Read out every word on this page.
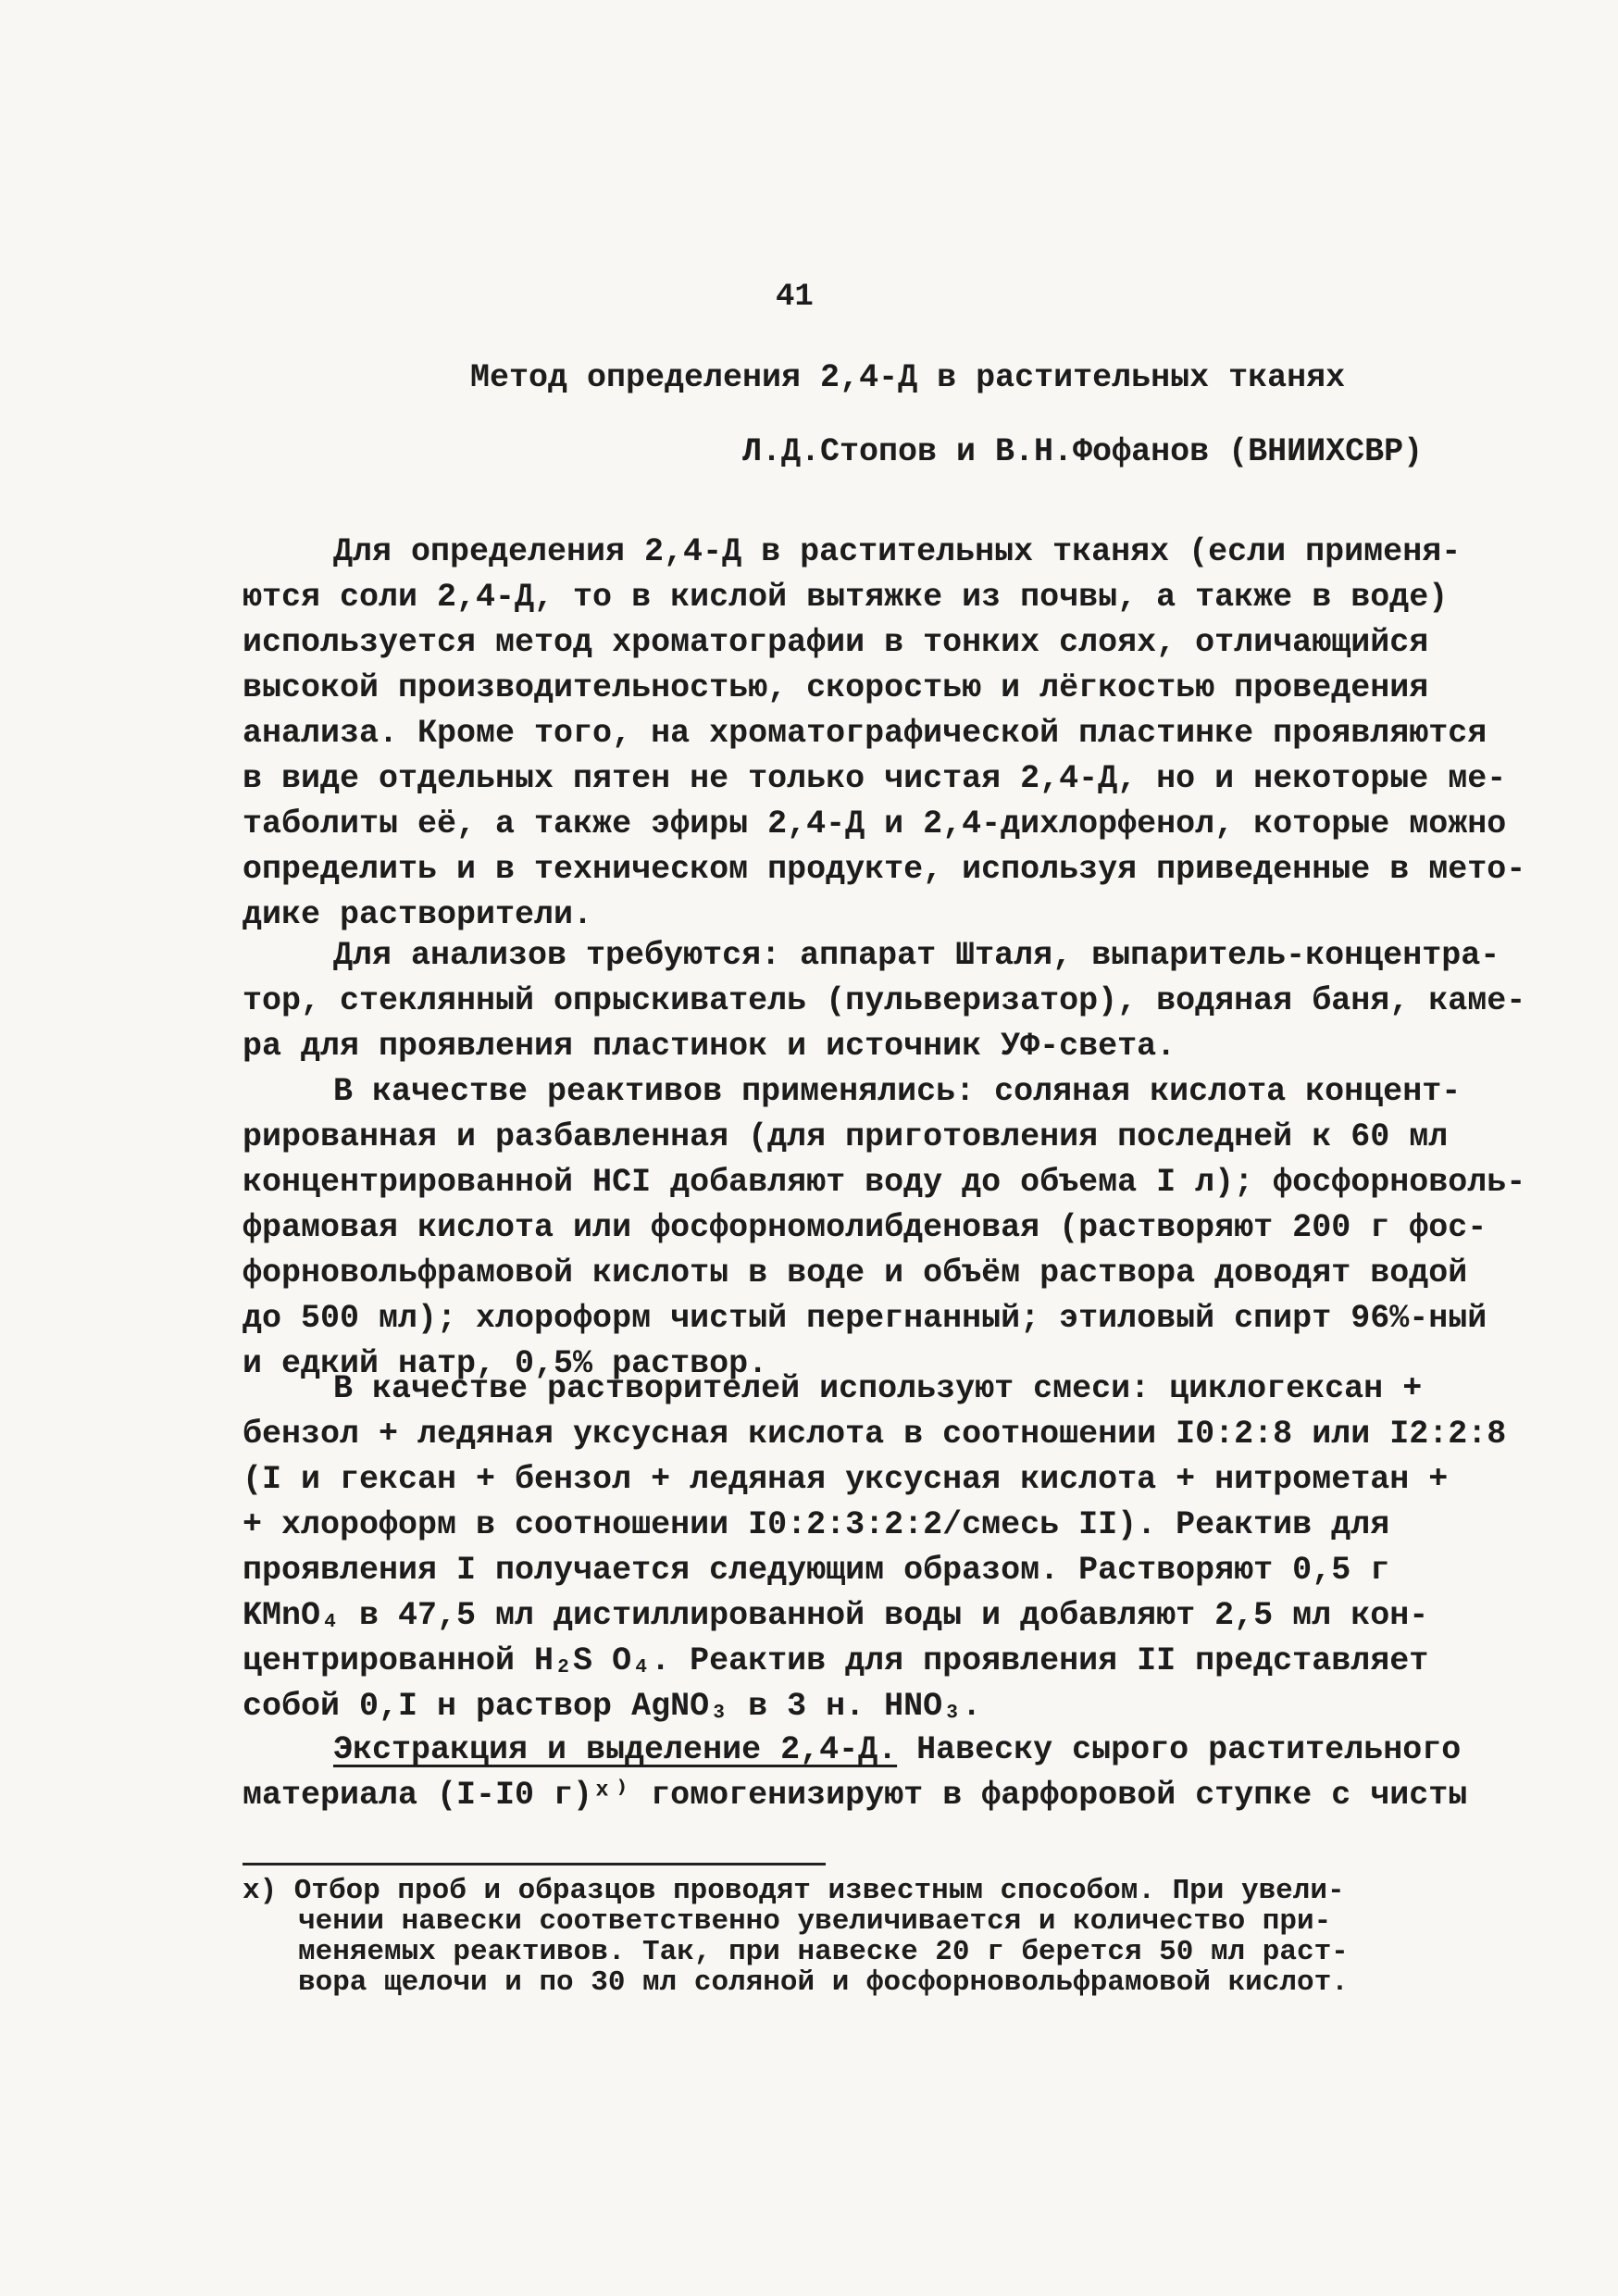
41
Метод определения 2,4-Д в растительных тканях
Л.Д.Стопов и В.Н.Фофанов (ВНИИХСВР)
Для определения 2,4-Д в растительных тканях (если применя-
ются соли 2,4-Д, то в кислой вытяжке из почвы, а также в воде)
используется метод хроматографии в тонких слоях, отличающийся
высокой производительностью, скоростью и лёгкостью проведения
анализа. Кроме того, на хроматографической пластинке проявляются
в виде отдельных пятен не только чистая 2,4-Д, но и некоторые ме-
таболиты её, а также эфиры 2,4-Д и 2,4-дихлорфенол, которые можно
определить и в техническом продукте, используя приведенные в мето-
дике растворители.
Для анализов требуются: аппарат Шталя, выпаритель-концентра-
тор, стеклянный опрыскиватель (пульверизатор), водяная баня, каме-
ра для проявления пластинок и источник УФ-света.
В качестве реактивов применялись: соляная кислота концент-
рированная и разбавленная (для приготовления последней к 60 мл
концентрированной НСI добавляют воду до объема I л); фосфорноволь-
фрамовая кислота или фосфорномолибденовая (растворяют 200 г фос-
форновольфрамовой кислоты в воде и объём раствора доводят водой
до 500 мл); хлороформ чистый перегнанный; этиловый спирт 96%-ный
и едкий натр, 0,5% раствор.
В качестве растворителей используют смеси: циклогексан +
бензол + ледяная уксусная кислота в соотношении I0:2:8 или I2:2:8
(I и гексан + бензол + ледяная уксусная кислота + нитрометан +
+ хлороформ в соотношении I0:2:3:2:2/смесь II). Реактив для
проявления I получается следующим образом. Растворяют 0,5 г
KMnO₄ в 47,5 мл дистиллированной воды и добавляют 2,5 мл кон-
центрированной H₂S O₄. Реактив для проявления II представляет
собой 0,I н раствор AgNO₃ в 3 н. HNO₃.
Экстракция и выделение 2,4-Д. Навеску сырого растительного
материала (I-I0 г)ˣ⁾ гомогенизируют в фарфоровой ступке с чисты
x) Отбор проб и образцов проводят известным способом. При увели-
чении навески соответственно увеличивается и количество при-
меняемых реактивов. Так, при навеске 20 г берется 50 мл раст-
вора щелочи и по 30 мл соляной и фосфорновольфрамовой кислот.
